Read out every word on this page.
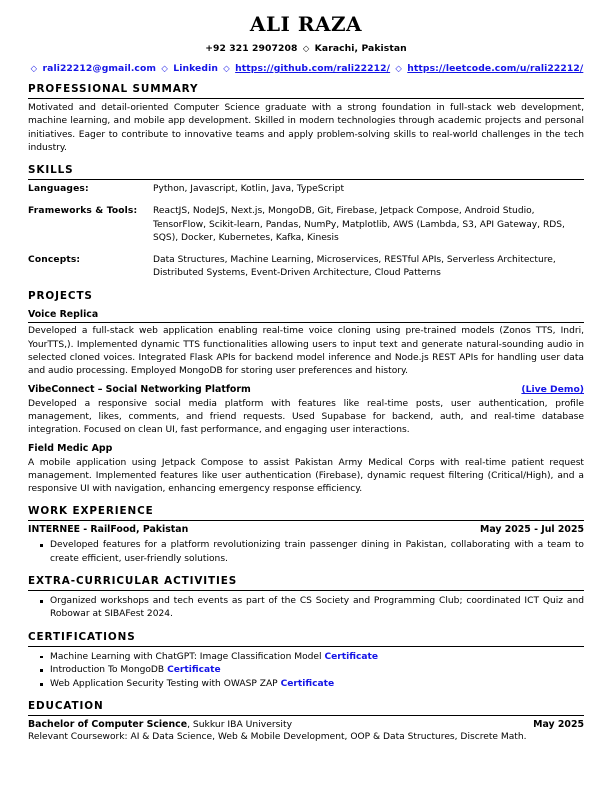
ALI RAZA
+92 321 2907208 ◇ Karachi, Pakistan
◇ rali22212@gmail.com ◇ Linkedin ◇ https://github.com/rali22212/ ◇ https://leetcode.com/u/rali22212/
PROFESSIONAL SUMMARY

Motivated and detail-oriented Computer Science graduate with a strong foundation in full-stack web development, machine learning, and mobile app development. Skilled in modern technologies through academic projects and personal initiatives. Eager to contribute to innovative teams and apply problem-solving skills to real-world challenges in the tech industry.

SKILLS
Languages:	Python, Javascript, Kotlin, Java, TypeScript
Frameworks & Tools:	ReactJS, NodeJS, Next.js, MongoDB, Git, Firebase, Jetpack Compose, Android Studio, TensorFlow, Scikit-learn, Pandas, NumPy, Matplotlib, AWS (Lambda, S3, API Gateway, RDS, SQS), Docker, Kubernetes, Kafka, Kinesis
Concepts:	Data Structures, Machine Learning, Microservices, RESTful APIs, Serverless Architecture, Distributed Systems, Event-Driven Architecture, Cloud Patterns
PROJECTS
Voice Replica

Developed a full-stack web application enabling real-time voice cloning using pre-trained models (Zonos TTS, Indri, YourTTS,). Implemented dynamic TTS functionalities allowing users to input text and generate natural-sounding audio in selected cloned voices. Integrated Flask APIs for backend model inference and Node.js REST APIs for handling user data and audio processing. Employed MongoDB for storing user preferences and history.

VibeConnect – Social Networking Platform	(Live Demo)

Developed a responsive social media platform with features like real-time posts, user authentication, profile management, likes, comments, and friend requests. Used Supabase for backend, auth, and real-time database integration. Focused on clean UI, fast performance, and engaging user interactions.

Field Medic App

A mobile application using Jetpack Compose to assist Pakistan Army Medical Corps with real-time patient request management. Implemented features like user authentication (Firebase), dynamic request filtering (Critical/High), and a responsive UI with navigation, enhancing emergency response efficiency.

WORK EXPERIENCE
INTERNEE - RailFood, Pakistan	May 2025 - Jul 2025
Developed features for a platform revolutionizing train passenger dining in Pakistan, collaborating with a team to create efficient, user-friendly solutions.
EXTRA-CURRICULAR ACTIVITIES
Organized workshops and tech events as part of the CS Society and Programming Club; coordinated ICT Quiz and Robowar at SIBAFest 2024.
CERTIFICATIONS
Machine Learning with ChatGPT: Image Classification Model Certificate
Introduction To MongoDB Certificate
Web Application Security Testing with OWASP ZAP Certificate
EDUCATION
Bachelor of Computer Science, Sukkur IBA University	May 2025
Relevant Coursework: AI & Data Science, Web & Mobile Development, OOP & Data Structures, Discrete Math.
